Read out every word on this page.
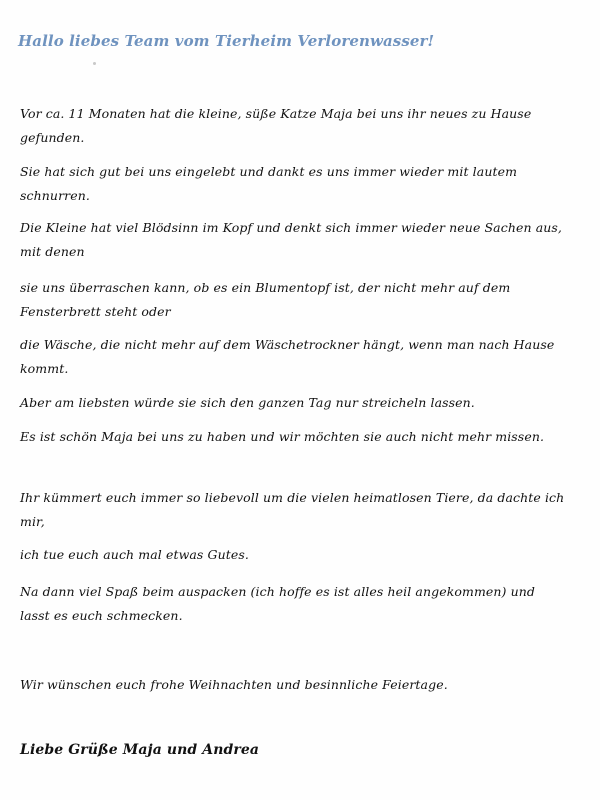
Hallo liebes Team vom Tierheim Verlorenwasser!

Vor ca. 11 Monaten hat die kleine, süße Katze Maja bei uns ihr neues zu Hause gefunden.

Sie hat sich gut bei uns eingelebt und dankt es uns immer wieder mit lautem schnurren.

Die Kleine hat viel Blödsinn im Kopf und denkt sich immer wieder neue Sachen aus, mit denen

sie uns überraschen kann, ob es ein Blumentopf ist, der nicht mehr auf dem Fensterbrett steht oder

die Wäsche, die nicht mehr auf dem Wäschetrockner hängt, wenn man nach Hause kommt.

Aber am liebsten würde sie sich den ganzen Tag nur streicheln lassen.

Es ist schön Maja bei uns zu haben und wir möchten sie auch nicht mehr missen.

Ihr kümmert euch immer so liebevoll um die vielen heimatlosen Tiere, da dachte ich mir,

ich tue euch auch mal etwas Gutes.

Na dann viel Spaß beim auspacken (ich hoffe es ist alles heil angekommen) und lasst es euch schmecken.

Wir wünschen euch frohe Weihnachten und besinnliche Feiertage.

Liebe Grüße Maja und Andrea
